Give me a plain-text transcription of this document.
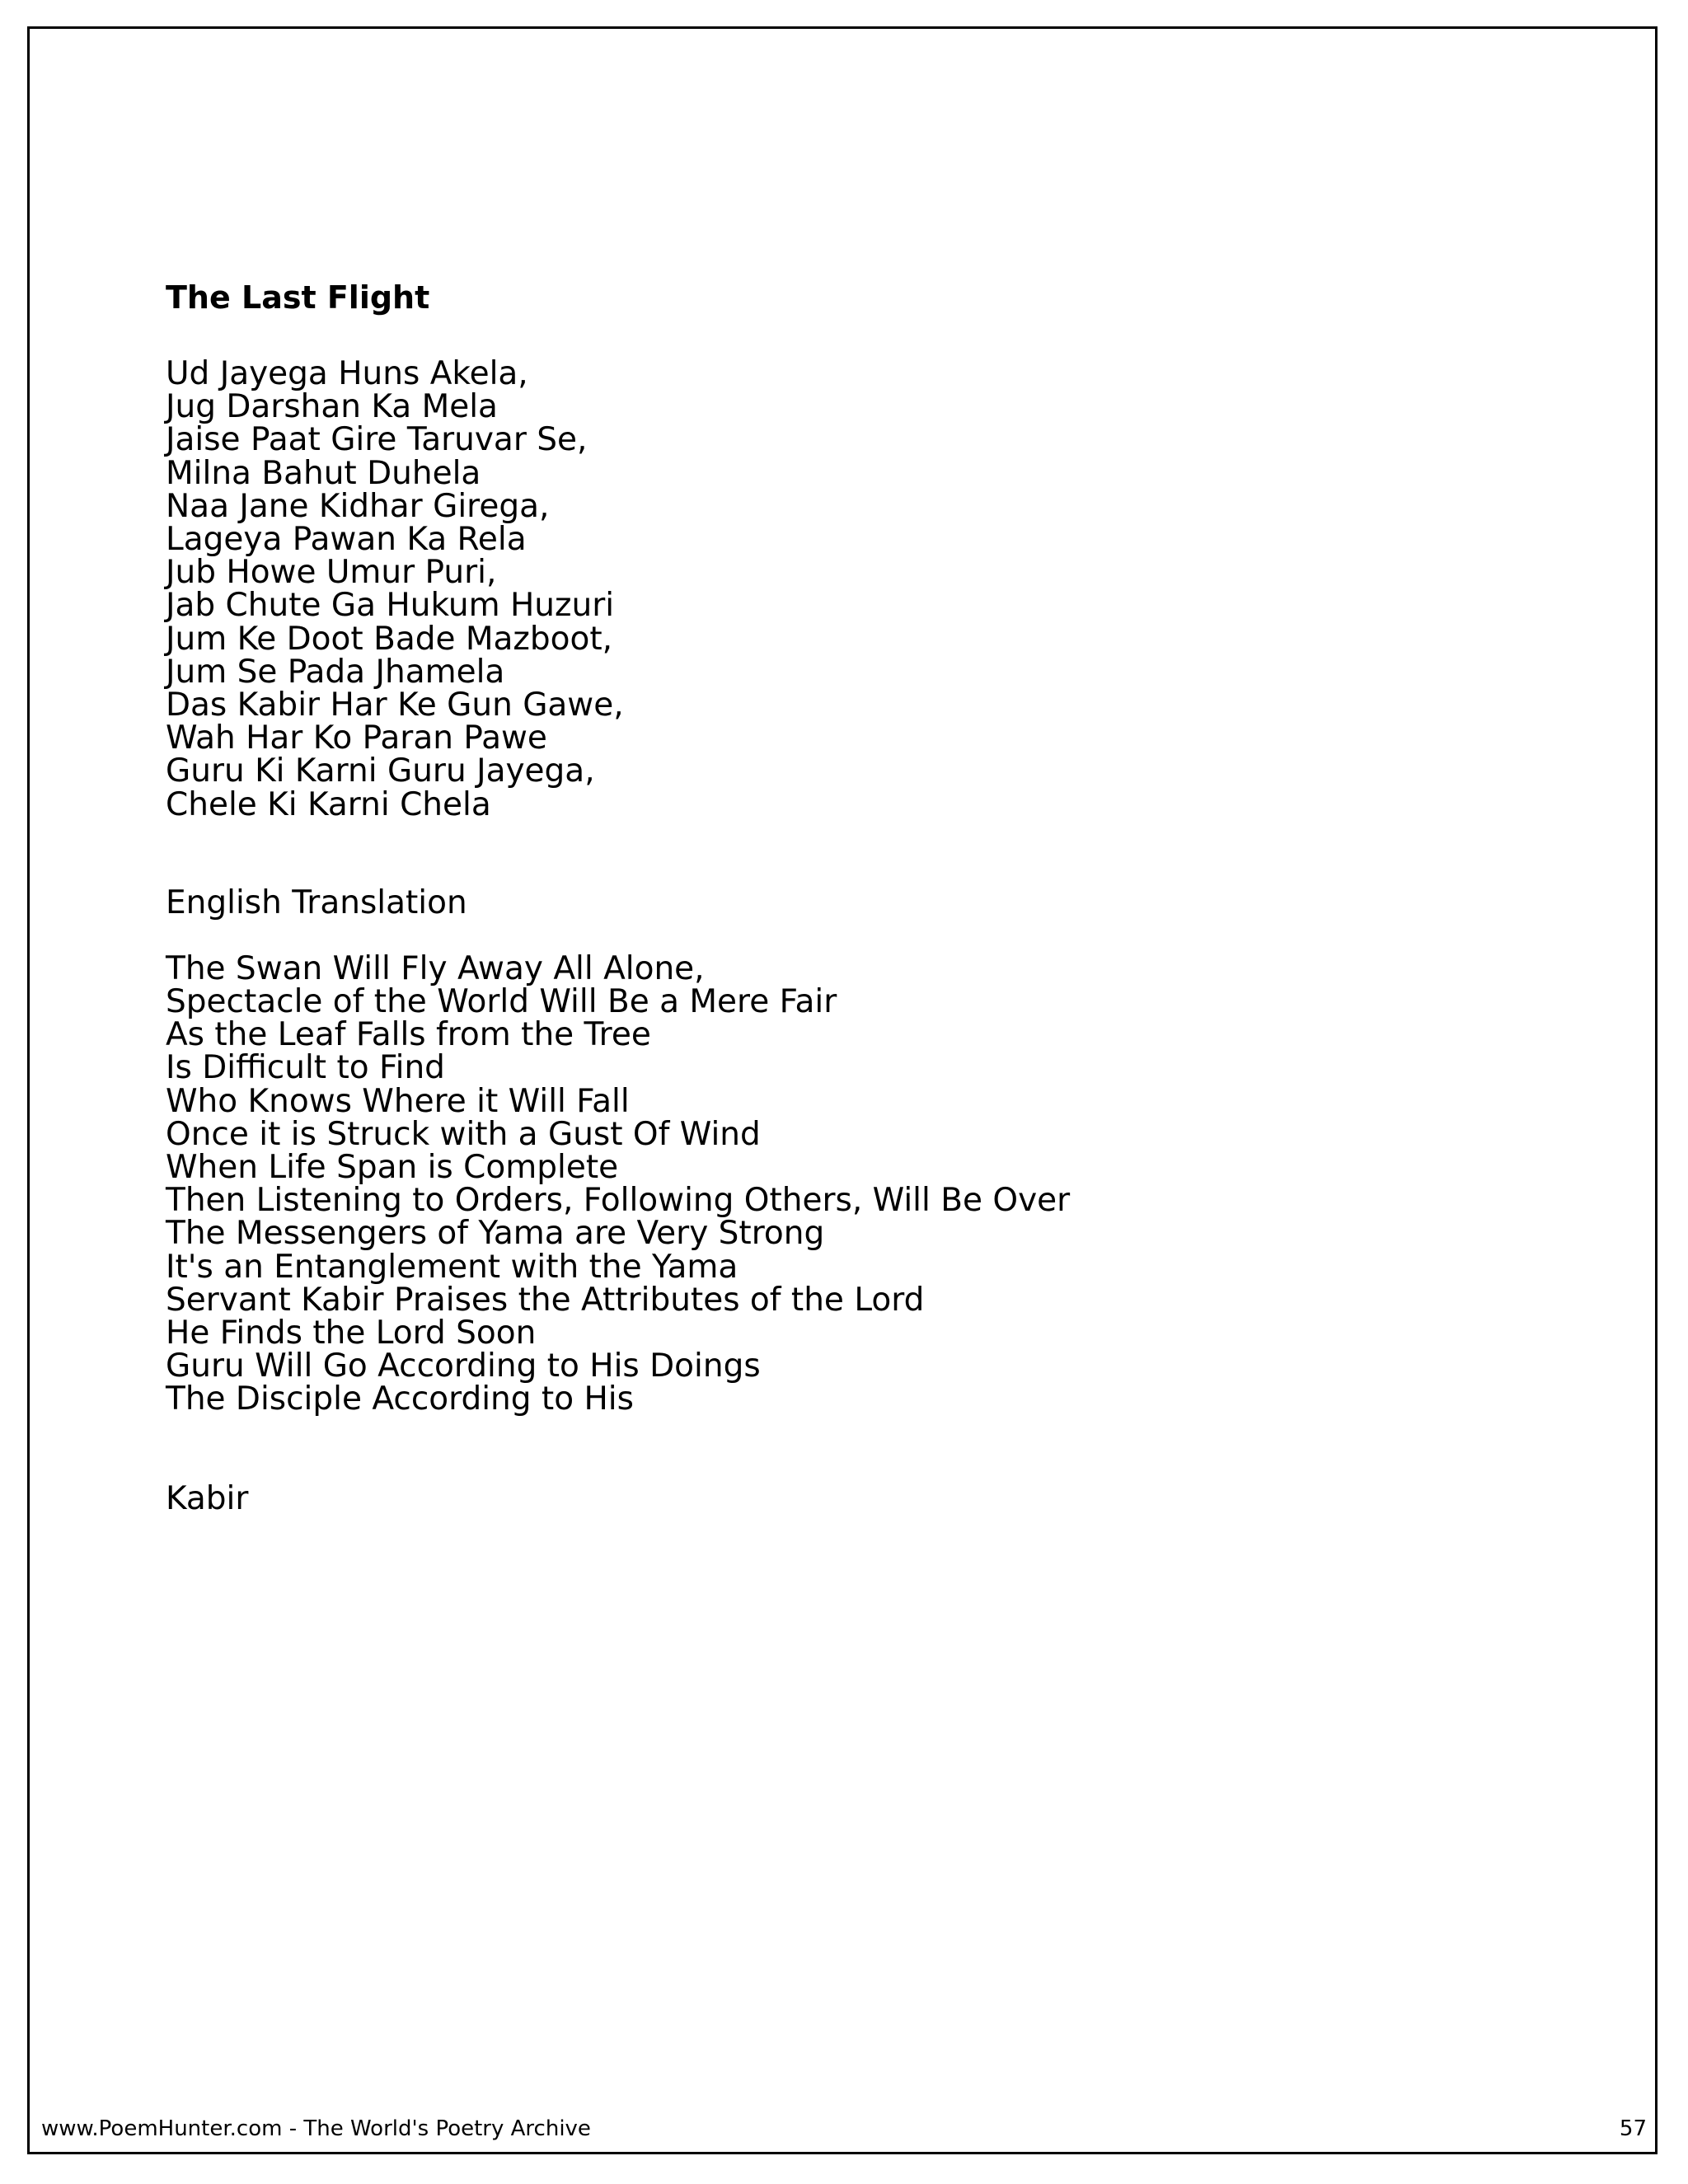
The Last Flight
Ud Jayega Huns Akela,
Jug Darshan Ka Mela
Jaise Paat Gire Taruvar Se,
Milna Bahut Duhela
Naa Jane Kidhar Girega,
Lageya Pawan Ka Rela
Jub Howe Umur Puri,
Jab Chute Ga Hukum Huzuri
Jum Ke Doot Bade Mazboot,
Jum Se Pada Jhamela
Das Kabir Har Ke Gun Gawe,
Wah Har Ko Paran Pawe
Guru Ki Karni Guru Jayega,
Chele Ki Karni Chela
English Translation
The Swan Will Fly Away All Alone,
Spectacle of the World Will Be a Mere Fair
As the Leaf Falls from the Tree
Is Difficult to Find
Who Knows Where it Will Fall
Once it is Struck with a Gust Of Wind
When Life Span is Complete
Then Listening to Orders, Following Others, Will Be Over
The Messengers of Yama are Very Strong
It's an Entanglement with the Yama
Servant Kabir Praises the Attributes of the Lord
He Finds the Lord Soon
Guru Will Go According to His Doings
The Disciple According to His
Kabir
www.PoemHunter.com - The World's Poetry Archive	57
